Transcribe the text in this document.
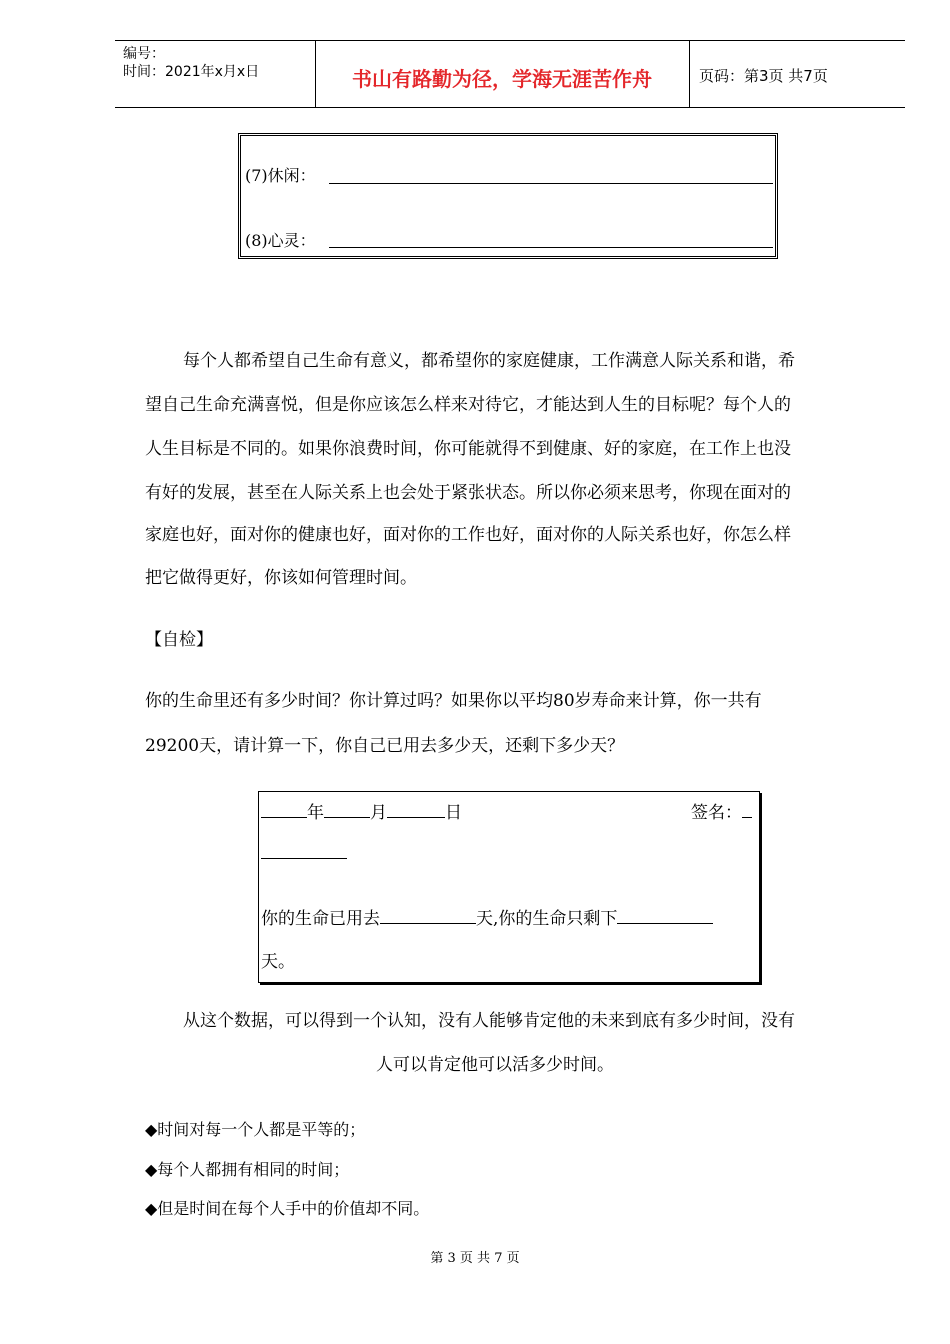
编号：
时间：2021年x月x日	书山有路勤为径，学海无涯苦作舟	页码：第3页 共7页
(7)休闲：
(8)心灵：
每个人都希望自己生命有意义，都希望你的家庭健康，工作满意人际关系和谐，希
望自己生命充满喜悦，但是你应该怎么样来对待它，才能达到人生的目标呢？每个人的
人生目标是不同的。如果你浪费时间，你可能就得不到健康、好的家庭，在工作上也没
有好的发展，甚至在人际关系上也会处于紧张状态。所以你必须来思考，你现在面对的
家庭也好，面对你的健康也好，面对你的工作也好，面对你的人际关系也好，你怎么样
把它做得更好，你该如何管理时间。
【自检】
你的生命里还有多少时间？你计算过吗？如果你以平均80岁寿命来计算，你一共有
29200天，请计算一下，你自己已用去多少天，还剩下多少天？
年	月	日	签名：
你的生命已用去	天,你的生命只剩下
天。
从这个数据，可以得到一个认知，没有人能够肯定他的未来到底有多少时间，没有
人可以肯定他可以活多少时间。
◆时间对每一个人都是平等的；
◆每个人都拥有相同的时间；
◆但是时间在每个人手中的价值却不同。
第 3 页 共 7 页
